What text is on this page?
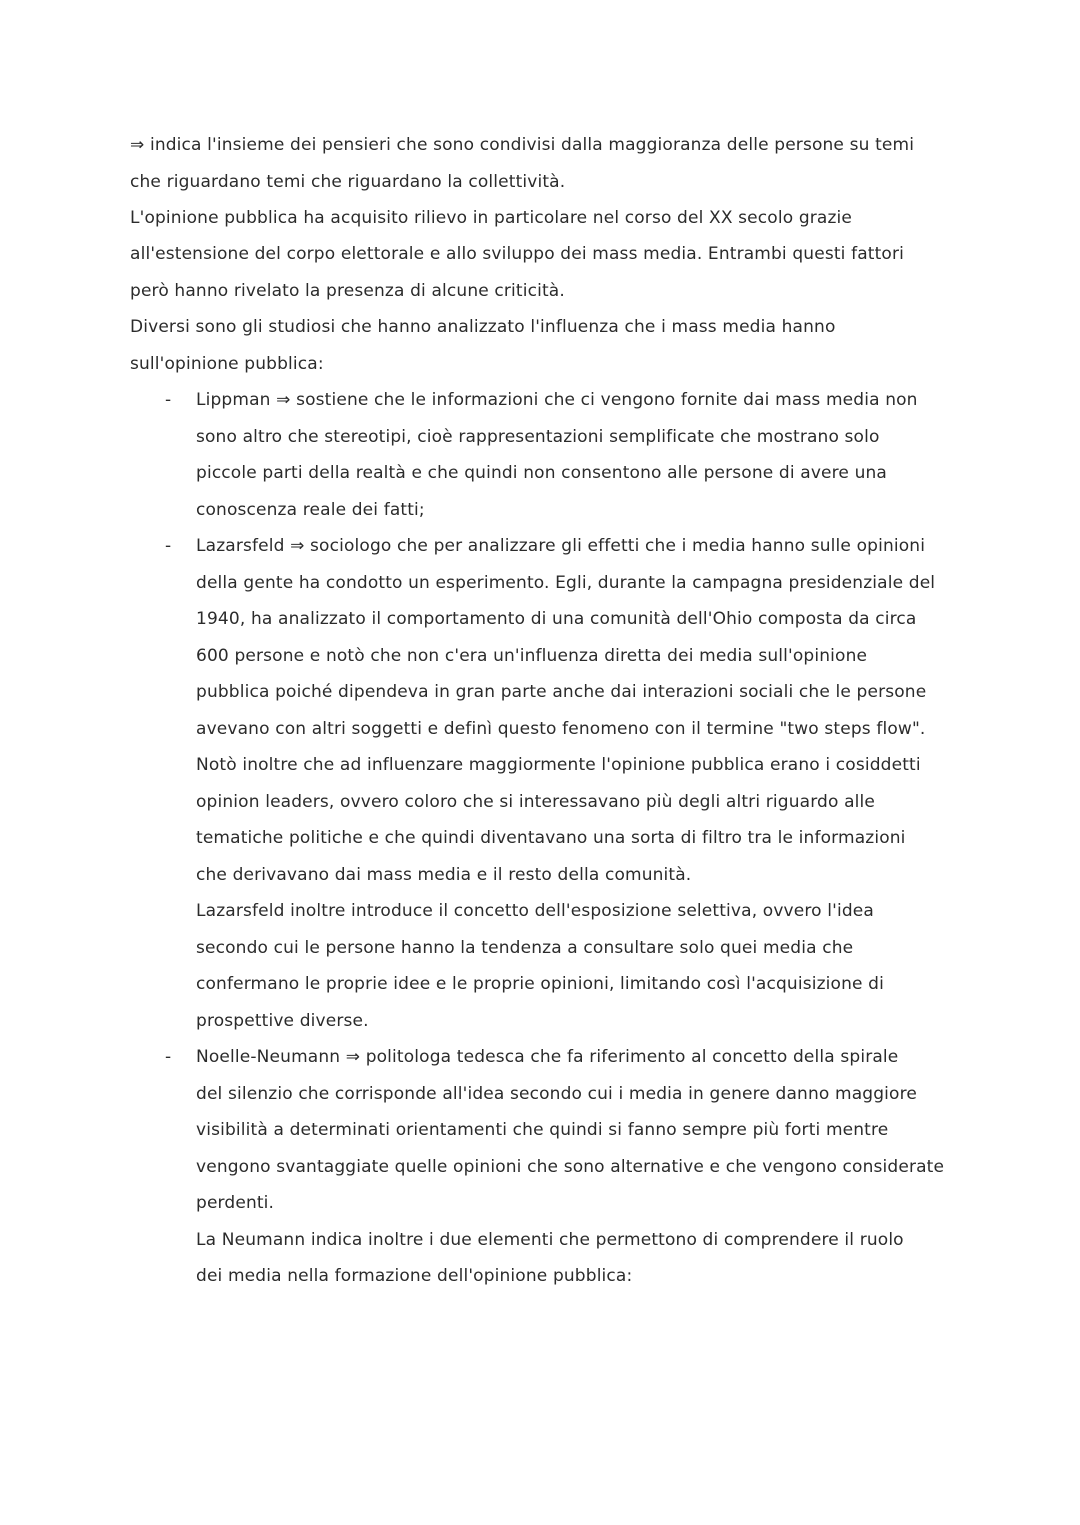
⇒ indica l'insieme dei pensieri che sono condivisi dalla maggioranza delle persone su temi
che riguardano temi che riguardano la collettività.
L'opinione pubblica ha acquisito rilievo in particolare nel corso del XX secolo grazie
all'estensione del corpo elettorale e allo sviluppo dei mass media. Entrambi questi fattori
però hanno rivelato la presenza di alcune criticità.
Diversi sono gli studiosi che hanno analizzato l'influenza che i mass media hanno
sull'opinione pubblica:
- Lippman ⇒ sostiene che le informazioni che ci vengono fornite dai mass media non
sono altro che stereotipi, cioè rappresentazioni semplificate che mostrano solo
piccole parti della realtà e che quindi non consentono alle persone di avere una
conoscenza reale dei fatti;
- Lazarsfeld ⇒ sociologo che per analizzare gli effetti che i media hanno sulle opinioni
della gente ha condotto un esperimento. Egli, durante la campagna presidenziale del
1940, ha analizzato il comportamento di una comunità dell'Ohio composta da circa
600 persone e notò che non c'era un'influenza diretta dei media sull'opinione
pubblica poiché dipendeva in gran parte anche dai interazioni sociali che le persone
avevano con altri soggetti e definì questo fenomeno con il termine "two steps flow".
Notò inoltre che ad influenzare maggiormente l'opinione pubblica erano i cosiddetti
opinion leaders, ovvero coloro che si interessavano più degli altri riguardo alle
tematiche politiche e che quindi diventavano una sorta di filtro tra le informazioni
che derivavano dai mass media e il resto della comunità.
Lazarsfeld inoltre introduce il concetto dell'esposizione selettiva, ovvero l'idea
secondo cui le persone hanno la tendenza a consultare solo quei media che
confermano le proprie idee e le proprie opinioni, limitando così l'acquisizione di
prospettive diverse.
- Noelle-Neumann ⇒ politologa tedesca che fa riferimento al concetto della spirale
del silenzio che corrisponde all'idea secondo cui i media in genere danno maggiore
visibilità a determinati orientamenti che quindi si fanno sempre più forti mentre
vengono svantaggiate quelle opinioni che sono alternative e che vengono considerate
perdenti.
La Neumann indica inoltre i due elementi che permettono di comprendere il ruolo
dei media nella formazione dell'opinione pubblica:
